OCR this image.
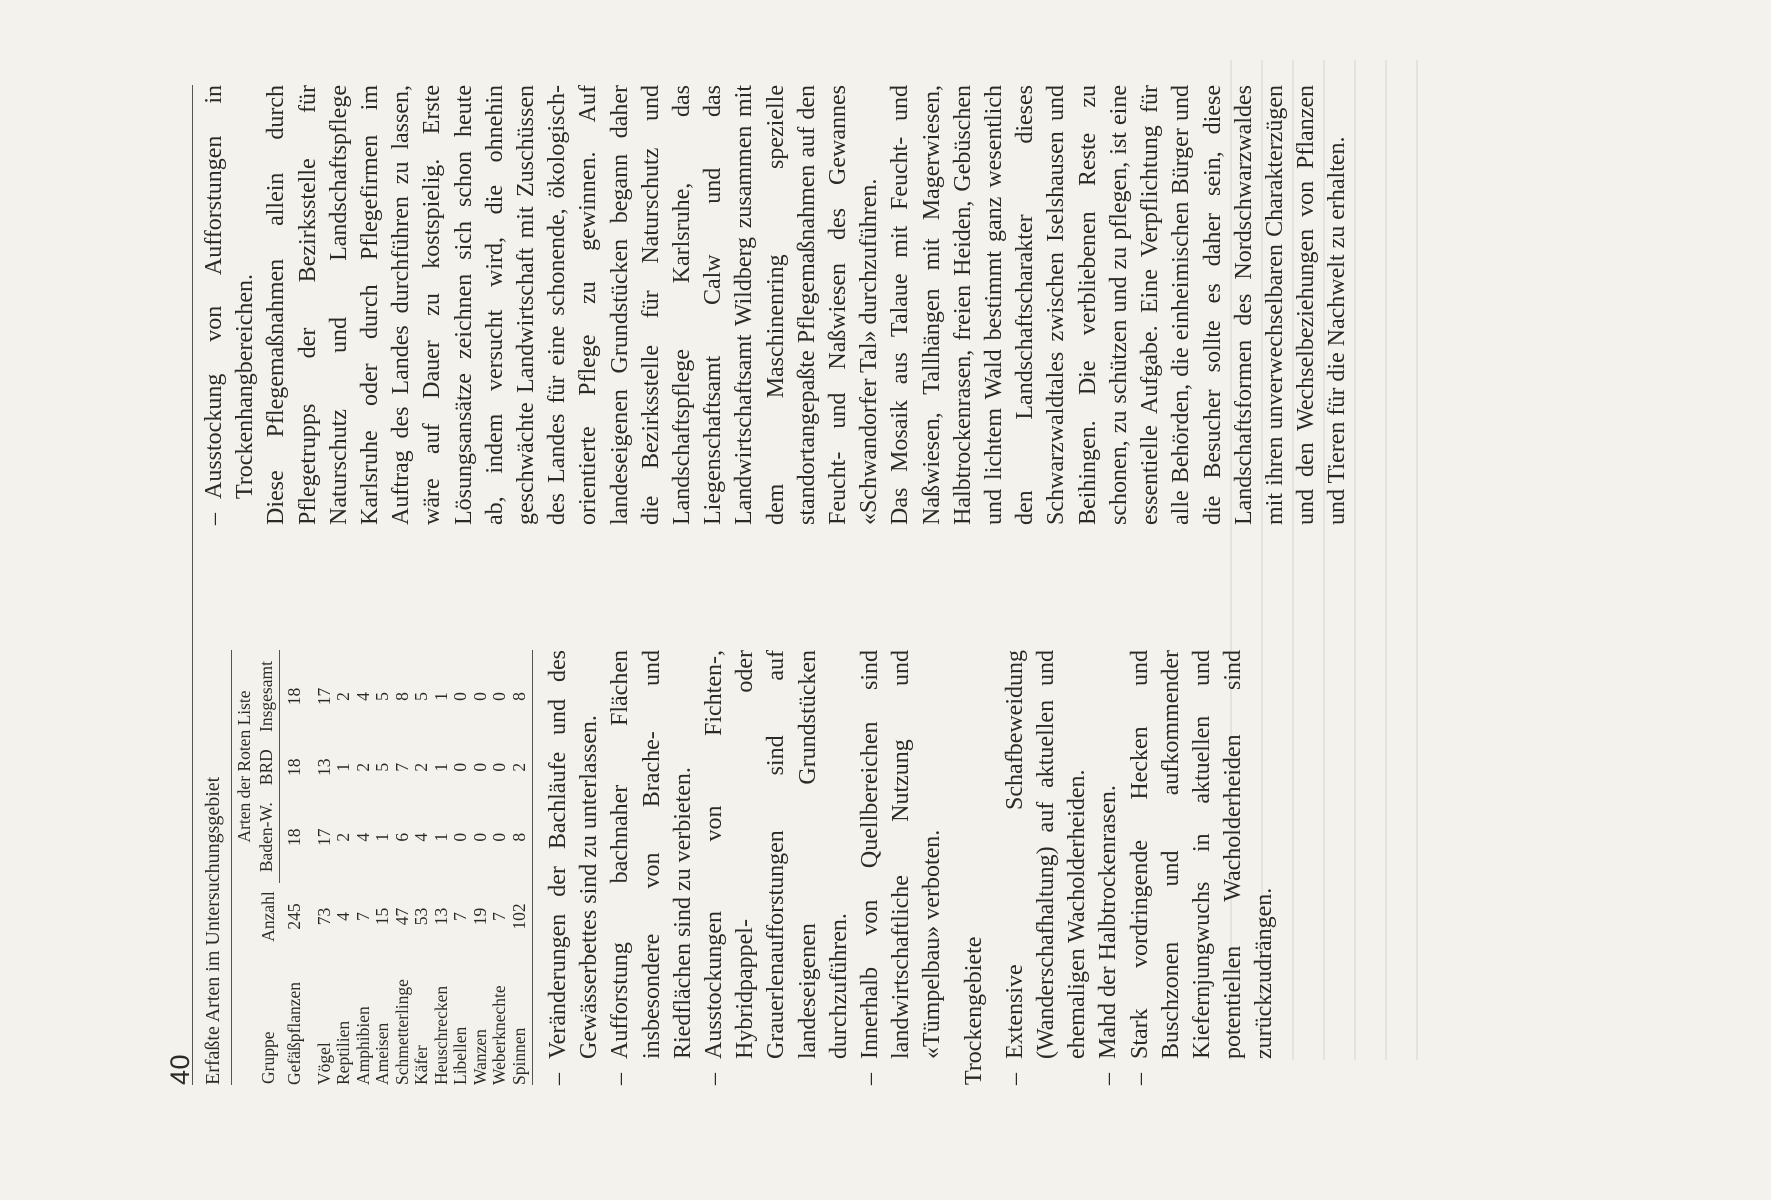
40 Erfaßte Arten im Untersuchungsgebiet Gruppe	Anzahl	Arten der Roten Liste		
		Baden-W.	BRD	Insgesamt
Gefäßpflanzen	245	18	18	18
Vögel	73	17	13	17
Reptilien	4	2	1	2
Amphibien	7	4	2	4
Ameisen	15	1	5	5
Schmetterlinge	47	6	7	8
Käfer	53	4	2	5
Heuschrecken	13	1	1	1
Libellen	7	0	0	0
Wanzen	19	0	0	0
Weberknechte	7	0	0	0
Spinnen	102	8	2	8 – Veränderungen der Bachläufe und des Gewässerbettes sind zu unterlassen. – Aufforstung bachnaher Flächen insbesondere von Brache- und Riedflächen sind zu verbieten. – Ausstockungen von Fichten-, Hybridpappel- oder Grauerlenaufforstungen sind auf landeseigenen Grundstücken durchzuführen. – Innerhalb von Quellbereichen sind landwirtschaftliche Nutzung und «Tümpelbau» verboten. Trockengebiete – Extensive Schafbeweidung (Wanderschafhaltung) auf aktuellen und ehemaligen Wacholderheiden. – Mahd der Halbtrockenrasen. – Stark vordringende Hecken und Buschzonen und aufkommender Kiefernjungwuchs in aktuellen und potentiellen Wacholderheiden sind zurückzudrängen.
– Ausstockung von Aufforstungen in Trockenhangbereichen. Diese Pflegemaßnahmen allein durch Pflegetrupps der Bezirksstelle für Naturschutz und Landschaftspflege Karlsruhe oder durch Pflegefirmen im Auftrag des Landes durchführen zu lassen, wäre auf Dauer zu kostspielig. Erste Lösungsansätze zeichnen sich schon heute ab, indem versucht wird, die ohnehin geschwächte Landwirtschaft mit Zuschüssen des Landes für eine schonende, ökologisch-orientierte Pflege zu gewinnen. Auf landeseigenen Grundstücken begann daher die Bezirksstelle für Naturschutz und Landschaftspflege Karlsruhe, das Liegenschaftsamt Calw und das Landwirtschaftsamt Wildberg zusammen mit dem Maschinenring spezielle standortangepaßte Pflegemaßnahmen auf den Feucht- und Naßwiesen des Gewannes «Schwandorfer Tal» durchzuführen. Das Mosaik aus Talaue mit Feucht- und Naßwiesen, Tallhängen mit Magerwiesen, Halbtrockenrasen, freien Heiden, Gebüschen und lichtem Wald bestimmt ganz wesentlich den Landschaftscharakter dieses Schwarzwaldtales zwischen Iselshausen und Beihingen. Die verbliebenen Reste zu schonen, zu schützen und zu pflegen, ist eine essentielle Aufgabe. Eine Verpflichtung für alle Behörden, die einheimischen Bürger und die Besucher sollte es daher sein, diese Landschaftsformen des Nordschwarzwaldes mit ihren unverwechselbaren Charakterzügen und den Wechselbeziehungen von Pflanzen und Tieren für die Nachwelt zu erhalten.
